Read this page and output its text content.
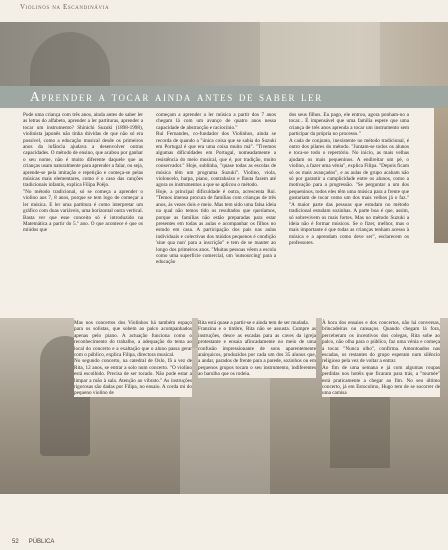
Violinos na Escandinávia
Aprender a tocar ainda antes de saber ler
Pode uma criança com três anos, ainda antes de saber ler as letras do alfabeto, aprender a ler partituras, aprender a tocar um instrumento? Shinichi Suzuki (1898-1998), violinista japonês não tinha dúvidas de que não só era possível, como a educação musical desde os primeiros anos da infância ajudava a desenvolver outras capacidades. O método de ensino, que acabou por ganhar o seu nome, não é muito diferente daquele que as crianças usam naturalmente para aprender a falar, ou seja, aprende-se pela imitação e repetição e começa-se pelas músicas mais elementares, como é o caso das canções tradicionais infantis, explica Filipa Poêjo.
"No método tradicional, só se começa a aprender o violino aos 7, 8 anos, porque se tem logo de começar a ler música. E ler uma partitura é como interpretar um gráfico com duas variáveis, uma horizontal outra vertical. Basta ver que esse conceito só é introduzido na Matemática a partir do 5.º ano. O que acontece é que os miúdos que
começam a aprender a ler música a partir dos 7 anos chegam lá com um avanço de quatro anos nessa capacidade de abstracção e raciocínio."
Rui Fernandes, co-fundador dos Violinhos, ainda se recorda de quando a "única coisa que se sabia do Suzuki em Portugal é que era uma coisa muito má". "Tivemos algumas dificuldades em Portugal, nomeadamente a resistência do meio musical, que é, por tradição, muito conservador." Hoje, sublinha, "quase todas as escolas de música têm um programa Suzuki". Violino, viola, violoncelo, harpa, piano, contrabaixo e flauta fazem até agora os instrumentos a que se aplicou o método.
Hoje, a principal dificuldade é outra, acrescenta Rui. "Temos imensa procura de famílias com crianças de três anos, às vezes dois e meio. Mas tem sido uma falsa ideia na qual não temos tido os resultados que queríamos, porque as famílias não estão preparadas para estar presentes em todas as aulas e acompanhar os filhos no estudo em casa. A participação dos pais nas aulas individuais e colectivas dos miúdos pequenos é condição 'sine qua non' para a inscrição" e tem de se manter ao longo dos primeiros anos. "Muitas pessoas vêem a escola como uma superfície comercial, um 'outsourcing' para a educação
dos seus filhos. Eu pago, ele entrou, agora ponham-no a tocar... É impensável que uma família espere que uma criança de três anos aprenda a tocar um instrumento sem participar da própria no processo."
A cada de conjunto, inexistente no método tradicional, é outro dos pilares do método. "Juntam-se todos os alunos e toca-se todo o repertório. No início, as mais velhas ajudam os mais pequeninos. A endireitar um pé, o violino, a fazer uma vénia", explica Filipa. "Depois ficam só os mais avançados", e as aulas de grupo acabam não só por garantir a cumplicidade entre os alunos, como a motivação para a progressão. "Se perguntar a um dos pequeninos, todos eles têm uma música para a frente que gostariam de tocar como um dos mais velhos já o faz." "A maior parte das pessoas que estudam no método tradicional estudam sozinhas. A parte boa é que, assim, só sobrevivem os mais fortes. Mas no método Suzuki a ideia não é formar músicos. Se o fizer, melhor, mas o mais importante é que todas as crianças tenham acesso à música e a aprendam como deve ser", esclarecem os professores.
Mas nos concertos dos Violinhos há também espaço para os solistas, que sobem ao palco acompanhados apenas pelo piano. A actuação funciona como o reconhecimento do trabalho, a adequação do tema ao local do concerto e a exaltação que o aluno passa gerar com o público, explica Filipa, directora musical.
No segundo concerto, na catedral de Oslo, fã a vez de Rita, 12 anos, se entrar a solo num concerto. "O violino está escolhido. Precisa de ser tocado. Não pode estar a limpar a mão à sala. Atenção ao vibrato." As instruções rigorosas são dadas por Filipa, no ensaio. A corda mi do pequeno violino de
Rita está quase a partir-se e ainda tem de ser mudada.
Franzina e o timbre, Rita não se assusta. Cumpre as instruções, desce as escadas para as caves da igreja protestante e ensaia afincadamente no meio de uma confusão impressionante de sons aparentemente anárquicos, produzidos por cada um dos 35 alunos que, a andar, parados de frente para a parede, sozinhos ou em pequenos grupos tocam o seu instrumento, indiferentes ao barulho que os rodeia.
À hora dos ensaios e dos concertos, não há conversas, brincadeiras ou cansaços. Quando chegam lá fora, perceberam os incentivos dos colegas, Rita sobe ao palco, não olha para o público, faz uma vénia e começa a tocar. "Nunca olho", confirma. Amontoados nas escadas, os restantes do grupo esperam num silêncio religioso pela vez de voltar a entrar.
Ao fim de uma semana e já com algumas roupas perdidas nos hotéis que ficaram para trás, a "tournée" está praticamente a chegar ao fim. No seu último concerto, já em Estocolmo, Hugo tem de se socorrer de uma camisa
52 PÚBLICA
